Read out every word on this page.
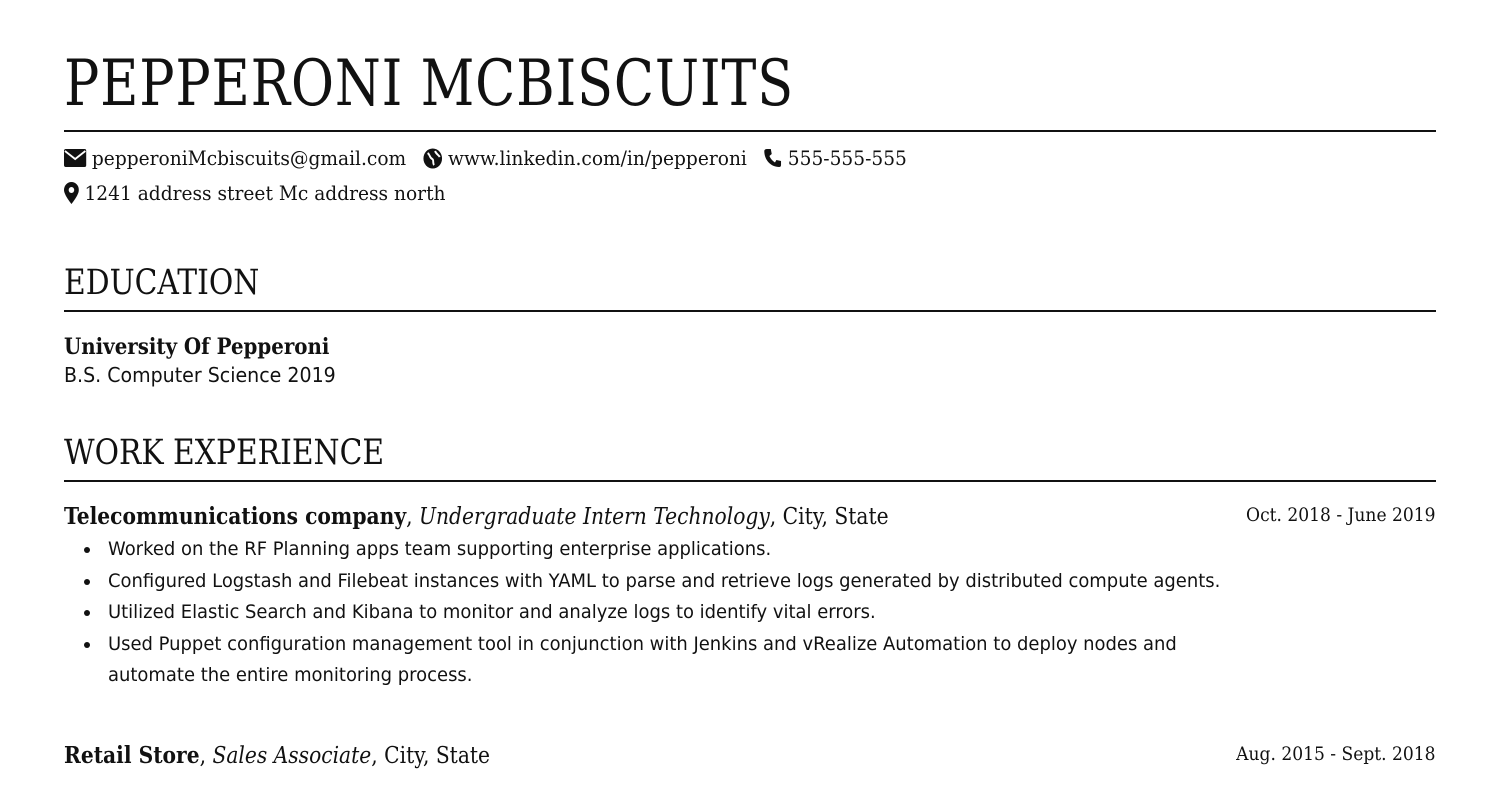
PEPPERONI MCBISCUITS
pepperoniMcbiscuits@gmail.com www.linkedin.com/in/pepperoni 555-555-555
1241 address street Mc address north
EDUCATION
University Of Pepperoni
B.S. Computer Science 2019
WORK EXPERIENCE
Telecommunications company, Undergraduate Intern Technology, City, State	Oct. 2018 - June 2019
Worked on the RF Planning apps team supporting enterprise applications.
Configured Logstash and Filebeat instances with YAML to parse and retrieve logs generated by distributed compute agents.
Utilized Elastic Search and Kibana to monitor and analyze logs to identify vital errors.
Used Puppet configuration management tool in conjunction with Jenkins and vRealize Automation to deploy nodes and
automate the entire monitoring process.
Retail Store, Sales Associate, City, State	Aug. 2015 - Sept. 2018
